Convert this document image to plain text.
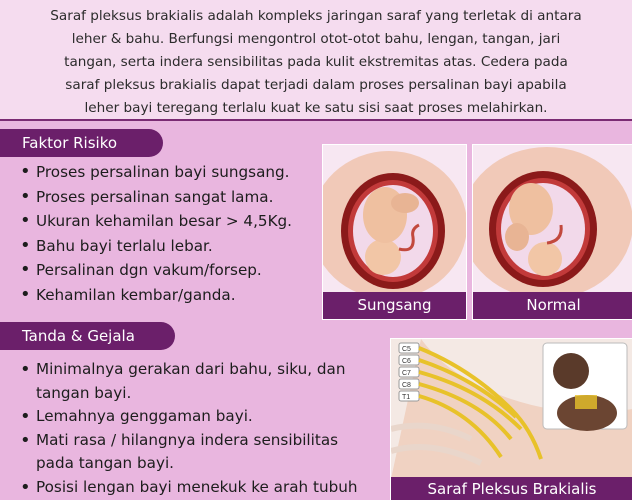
Saraf pleksus brakialis adalah kompleks jaringan saraf yang terletak di antara
leher & bahu. Berfungsi mengontrol otot-otot bahu, lengan, tangan, jari
tangan, serta indera sensibilitas pada kulit ekstremitas atas. Cedera pada
saraf pleksus brakialis dapat terjadi dalam proses persalinan bayi apabila
leher bayi teregang terlalu kuat ke satu sisi saat proses melahirkan.
Faktor Risiko
• Proses persalinan bayi sungsang.
• Proses persalinan sangat lama.
• Ukuran kehamilan besar > 4,5Kg.
• Bahu bayi terlalu lebar.
• Persalinan dgn vakum/forsep.
• Kehamilan kembar/ganda.
Sungsang	Normal
Tanda & Gejala
• Minimalnya gerakan dari bahu, siku, dan
tangan bayi.
• Lemahnya genggaman bayi.
• Mati rasa / hilangnya indera sensibilitas
pada tangan bayi.
• Posisi lengan bayi menekuk ke arah tubuh
C5
C6
C7
C8
T1
Saraf Pleksus Brakialis
